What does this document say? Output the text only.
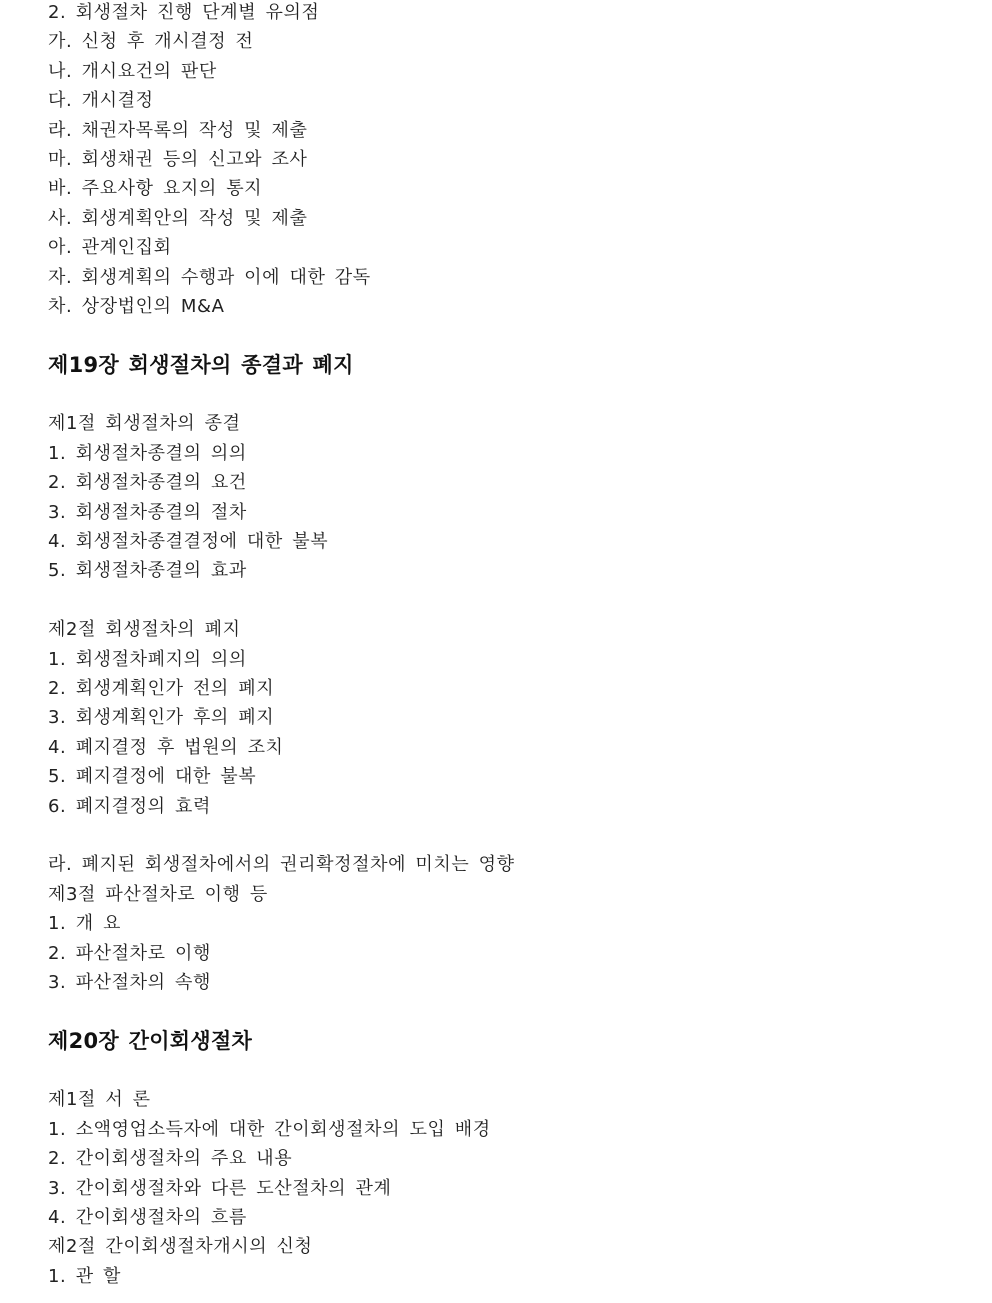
2. 회생절차 진행 단계별 유의점
가. 신청 후 개시결정 전
나. 개시요건의 판단
다. 개시결정
라. 채권자목록의 작성 및 제출
마. 회생채권 등의 신고와 조사
바. 주요사항 요지의 통지
사. 회생계획안의 작성 및 제출
아. 관계인집회
자. 회생계획의 수행과 이에 대한 감독
차. 상장법인의 M&A
제19장 회생절차의 종결과 폐지
제1절 회생절차의 종결
1. 회생절차종결의 의의
2. 회생절차종결의 요건
3. 회생절차종결의 절차
4. 회생절차종결결정에 대한 불복
5. 회생절차종결의 효과
제2절 회생절차의 폐지
1. 회생절차폐지의 의의
2. 회생계획인가 전의 폐지
3. 회생계획인가 후의 폐지
4. 폐지결정 후 법원의 조치
5. 폐지결정에 대한 불복
6. 폐지결정의 효력
라. 폐지된 회생절차에서의 권리확정절차에 미치는 영향
제3절 파산절차로 이행 등
1. 개 요
2. 파산절차로 이행
3. 파산절차의 속행
제20장 간이회생절차
제1절 서 론
1. 소액영업소득자에 대한 간이회생절차의 도입 배경
2. 간이회생절차의 주요 내용
3. 간이회생절차와 다른 도산절차의 관계
4. 간이회생절차의 흐름
제2절 간이회생절차개시의 신청
1. 관 할
